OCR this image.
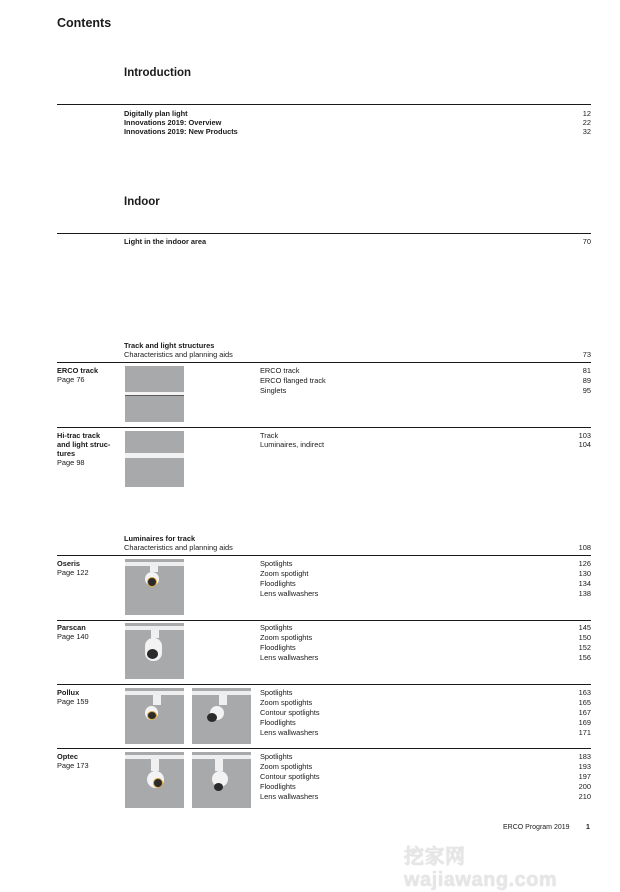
Contents
Introduction
Digitally plan light	12
Innovations 2019: Overview	22
Innovations 2019: New Products	32
Indoor
Light in the indoor area	70
Track and light structures
Characteristics and planning aids	73
ERCO track
Page 76
ERCO track	81
ERCO flanged track	89
Singlets	95
Hi-trac track
and light struc-
tures
Page 98
Track	103
Luminaires, indirect	104
Luminaires for track
Characteristics and planning aids	108
Oseris
Page 122
Spotlights	126
Zoom spotlight	130
Floodlights	134
Lens wallwashers	138
Parscan
Page 140
Spotlights	145
Zoom spotlights	150
Floodlights	152
Lens wallwashers	156
Pollux
Page 159
Spotlights	163
Zoom spotlights	165
Contour spotlights	167
Floodlights	169
Lens wallwashers	171
Optec
Page 173
Spotlights	183
Zoom spotlights	193
Contour spotlights	197
Floodlights	200
Lens wallwashers	210
ERCO Program 2019 1
挖家网 wajiawang.com
